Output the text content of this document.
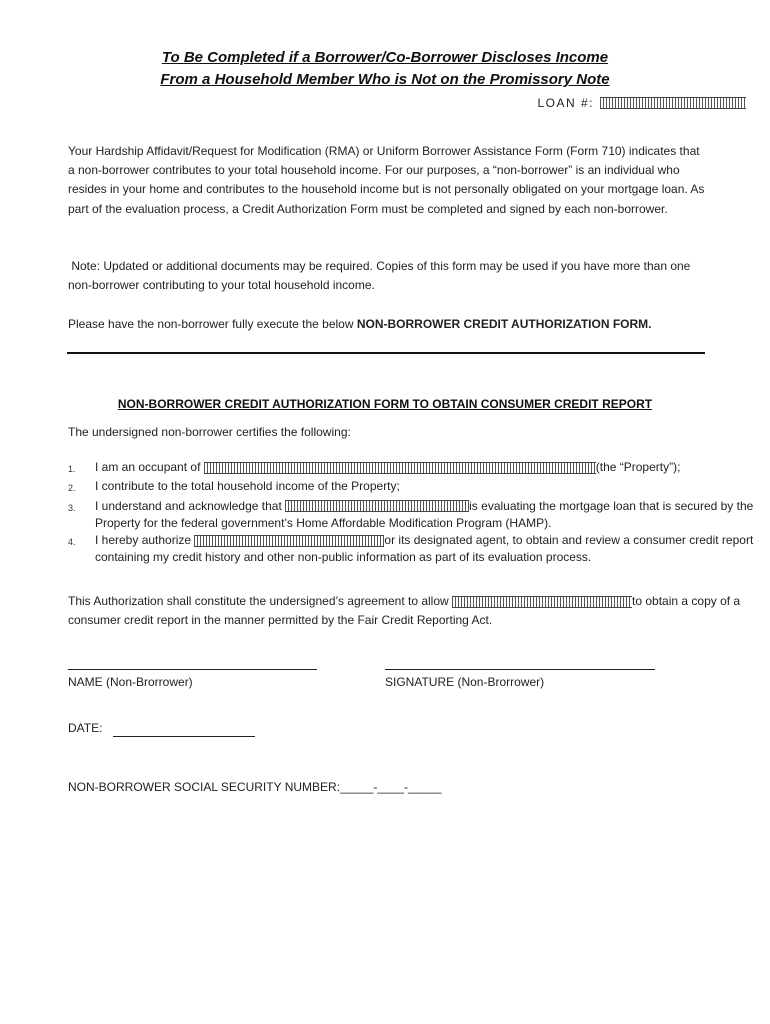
To Be Completed if a Borrower/Co-Borrower Discloses Income
From a Household Member Who is Not on the Promissory Note
LOAN #:
Your Hardship Affidavit/Request for Modification (RMA) or Uniform Borrower Assistance Form (Form 710) indicates that a non-borrower contributes to your total household income. For our purposes, a “non-borrower” is an individual who resides in your home and contributes to the household income but is not personally obligated on your mortgage loan. As part of the evaluation process, a Credit Authorization Form must be completed and signed by each non-borrower.
Note: Updated or additional documents may be required. Copies of this form may be used if you have more than one non-borrower contributing to your total household income.
Please have the non-borrower fully execute the below NON-BORROWER CREDIT AUTHORIZATION FORM.
NON-BORROWER CREDIT AUTHORIZATION FORM TO OBTAIN CONSUMER CREDIT REPORT
The undersigned non-borrower certifies the following:
1.	I am an occupant of	(the “Property”);
2.	I contribute to the total household income of the Property;
3.	I understand and acknowledge that	is evaluating the mortgage loan that is secured by the Property for the federal government’s Home Affordable Modification Program (HAMP).
4.	I hereby authorize	or its designated agent, to obtain and review a consumer credit report containing my credit history and other non-public information as part of its evaluation process.
This Authorization shall constitute the undersigned’s agreement to allow	to obtain a copy of a consumer credit report in the manner permitted by the Fair Credit Reporting Act.
NAME (Non-Brorrower)	SIGNATURE (Non-Brorrower)
DATE:
NON-BORROWER SOCIAL SECURITY NUMBER: _____-____-_____
